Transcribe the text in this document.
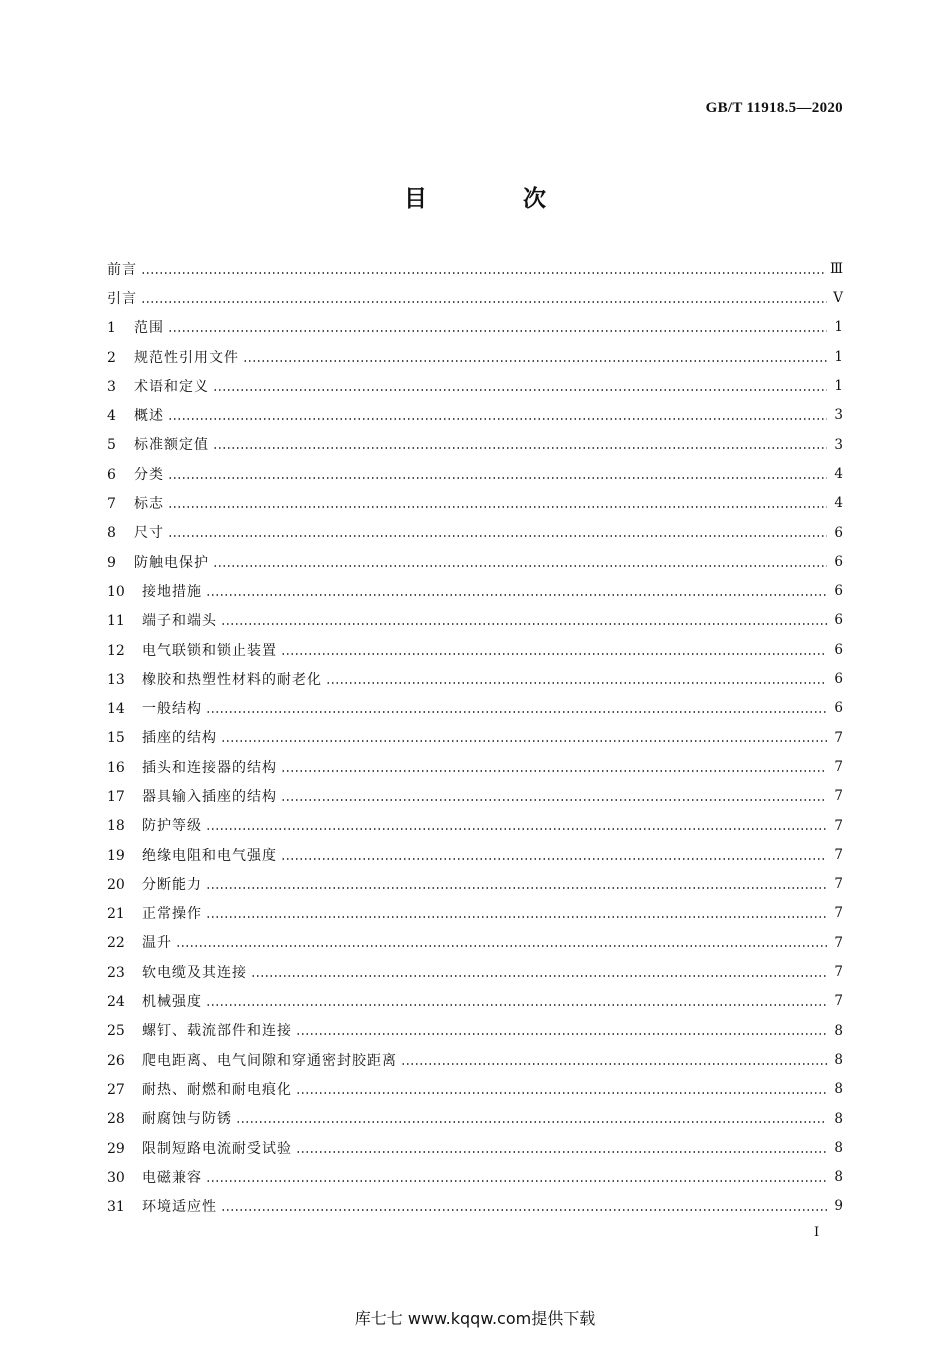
GB/T 11918.5—2020
目 次
前言	Ⅲ
引言	Ⅴ
1	范围	1
2	规范性引用文件	1
3	术语和定义	1
4	概述	3
5	标准额定值	3
6	分类	4
7	标志	4
8	尺寸	6
9	防触电保护	6
10	接地措施	6
11	端子和端头	6
12	电气联锁和锁止装置	6
13	橡胶和热塑性材料的耐老化	6
14	一般结构	6
15	插座的结构	7
16	插头和连接器的结构	7
17	器具输入插座的结构	7
18	防护等级	7
19	绝缘电阻和电气强度	7
20	分断能力	7
21	正常操作	7
22	温升	7
23	软电缆及其连接	7
24	机械强度	7
25	螺钉、载流部件和连接	8
26	爬电距离、电气间隙和穿通密封胶距离	8
27	耐热、耐燃和耐电痕化	8
28	耐腐蚀与防锈	8
29	限制短路电流耐受试验	8
30	电磁兼容	8
31	环境适应性	9
I
库七七 www.kqqw.com提供下载
